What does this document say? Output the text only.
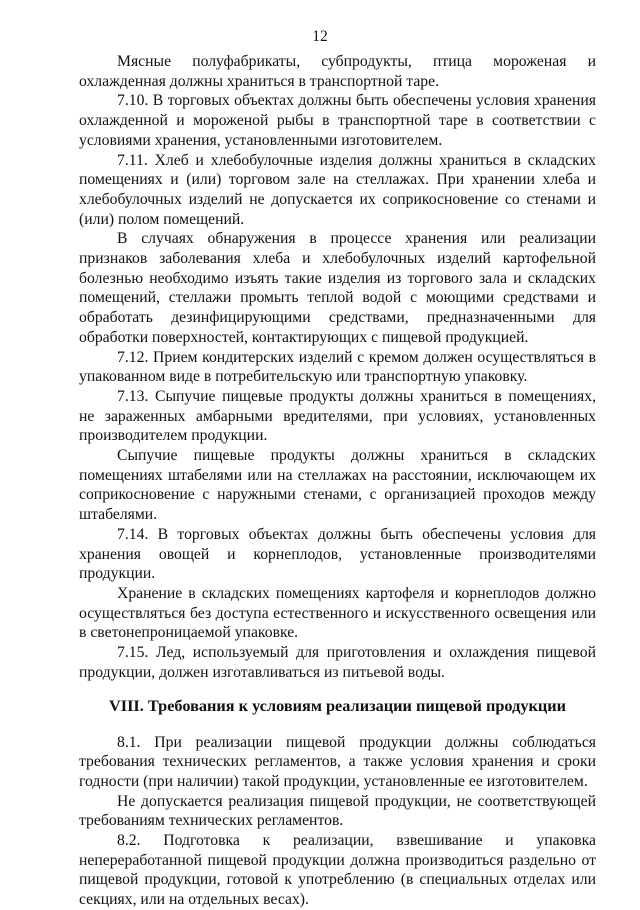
12

Мясные полуфабрикаты, субпродукты, птица мороженая и охлажденная должны храниться в транспортной таре.

7.10. В торговых объектах должны быть обеспечены условия хранения охлажденной и мороженой рыбы в транспортной таре в соответствии с условиями хранения, установленными изготовителем.

7.11. Хлеб и хлебобулочные изделия должны храниться в складских помещениях и (или) торговом зале на стеллажах. При хранении хлеба и хлебобулочных изделий не допускается их соприкосновение со стенами и (или) полом помещений.

В случаях обнаружения в процессе хранения или реализации признаков заболевания хлеба и хлебобулочных изделий картофельной болезнью необходимо изъять такие изделия из торгового зала и складских помещений, стеллажи промыть теплой водой с моющими средствами и обработать дезинфицирующими средствами, предназначенными для обработки поверхностей, контактирующих с пищевой продукцией.

7.12. Прием кондитерских изделий с кремом должен осуществляться в упакованном виде в потребительскую или транспортную упаковку.

7.13. Сыпучие пищевые продукты должны храниться в помещениях, не зараженных амбарными вредителями, при условиях, установленных производителем продукции.

Сыпучие пищевые продукты должны храниться в складских помещениях штабелями или на стеллажах на расстоянии, исключающем их соприкосновение с наружными стенами, с организацией проходов между штабелями.

7.14. В торговых объектах должны быть обеспечены условия для хранения овощей и корнеплодов, установленные производителями продукции.

Хранение в складских помещениях картофеля и корнеплодов должно осуществляться без доступа естественного и искусственного освещения или в светонепроницаемой упаковке.

7.15. Лед, используемый для приготовления и охлаждения пищевой продукции, должен изготавливаться из питьевой воды.

VIII. Требования к условиям реализации пищевой продукции

8.1. При реализации пищевой продукции должны соблюдаться требования технических регламентов, а также условия хранения и сроки годности (при наличии) такой продукции, установленные ее изготовителем.

Не допускается реализация пищевой продукции, не соответствующей требованиям технических регламентов.

8.2. Подготовка к реализации, взвешивание и упаковка непереработанной пищевой продукции должна производиться раздельно от пищевой продукции, готовой к употреблению (в специальных отделах или секциях, или на отдельных весах).
